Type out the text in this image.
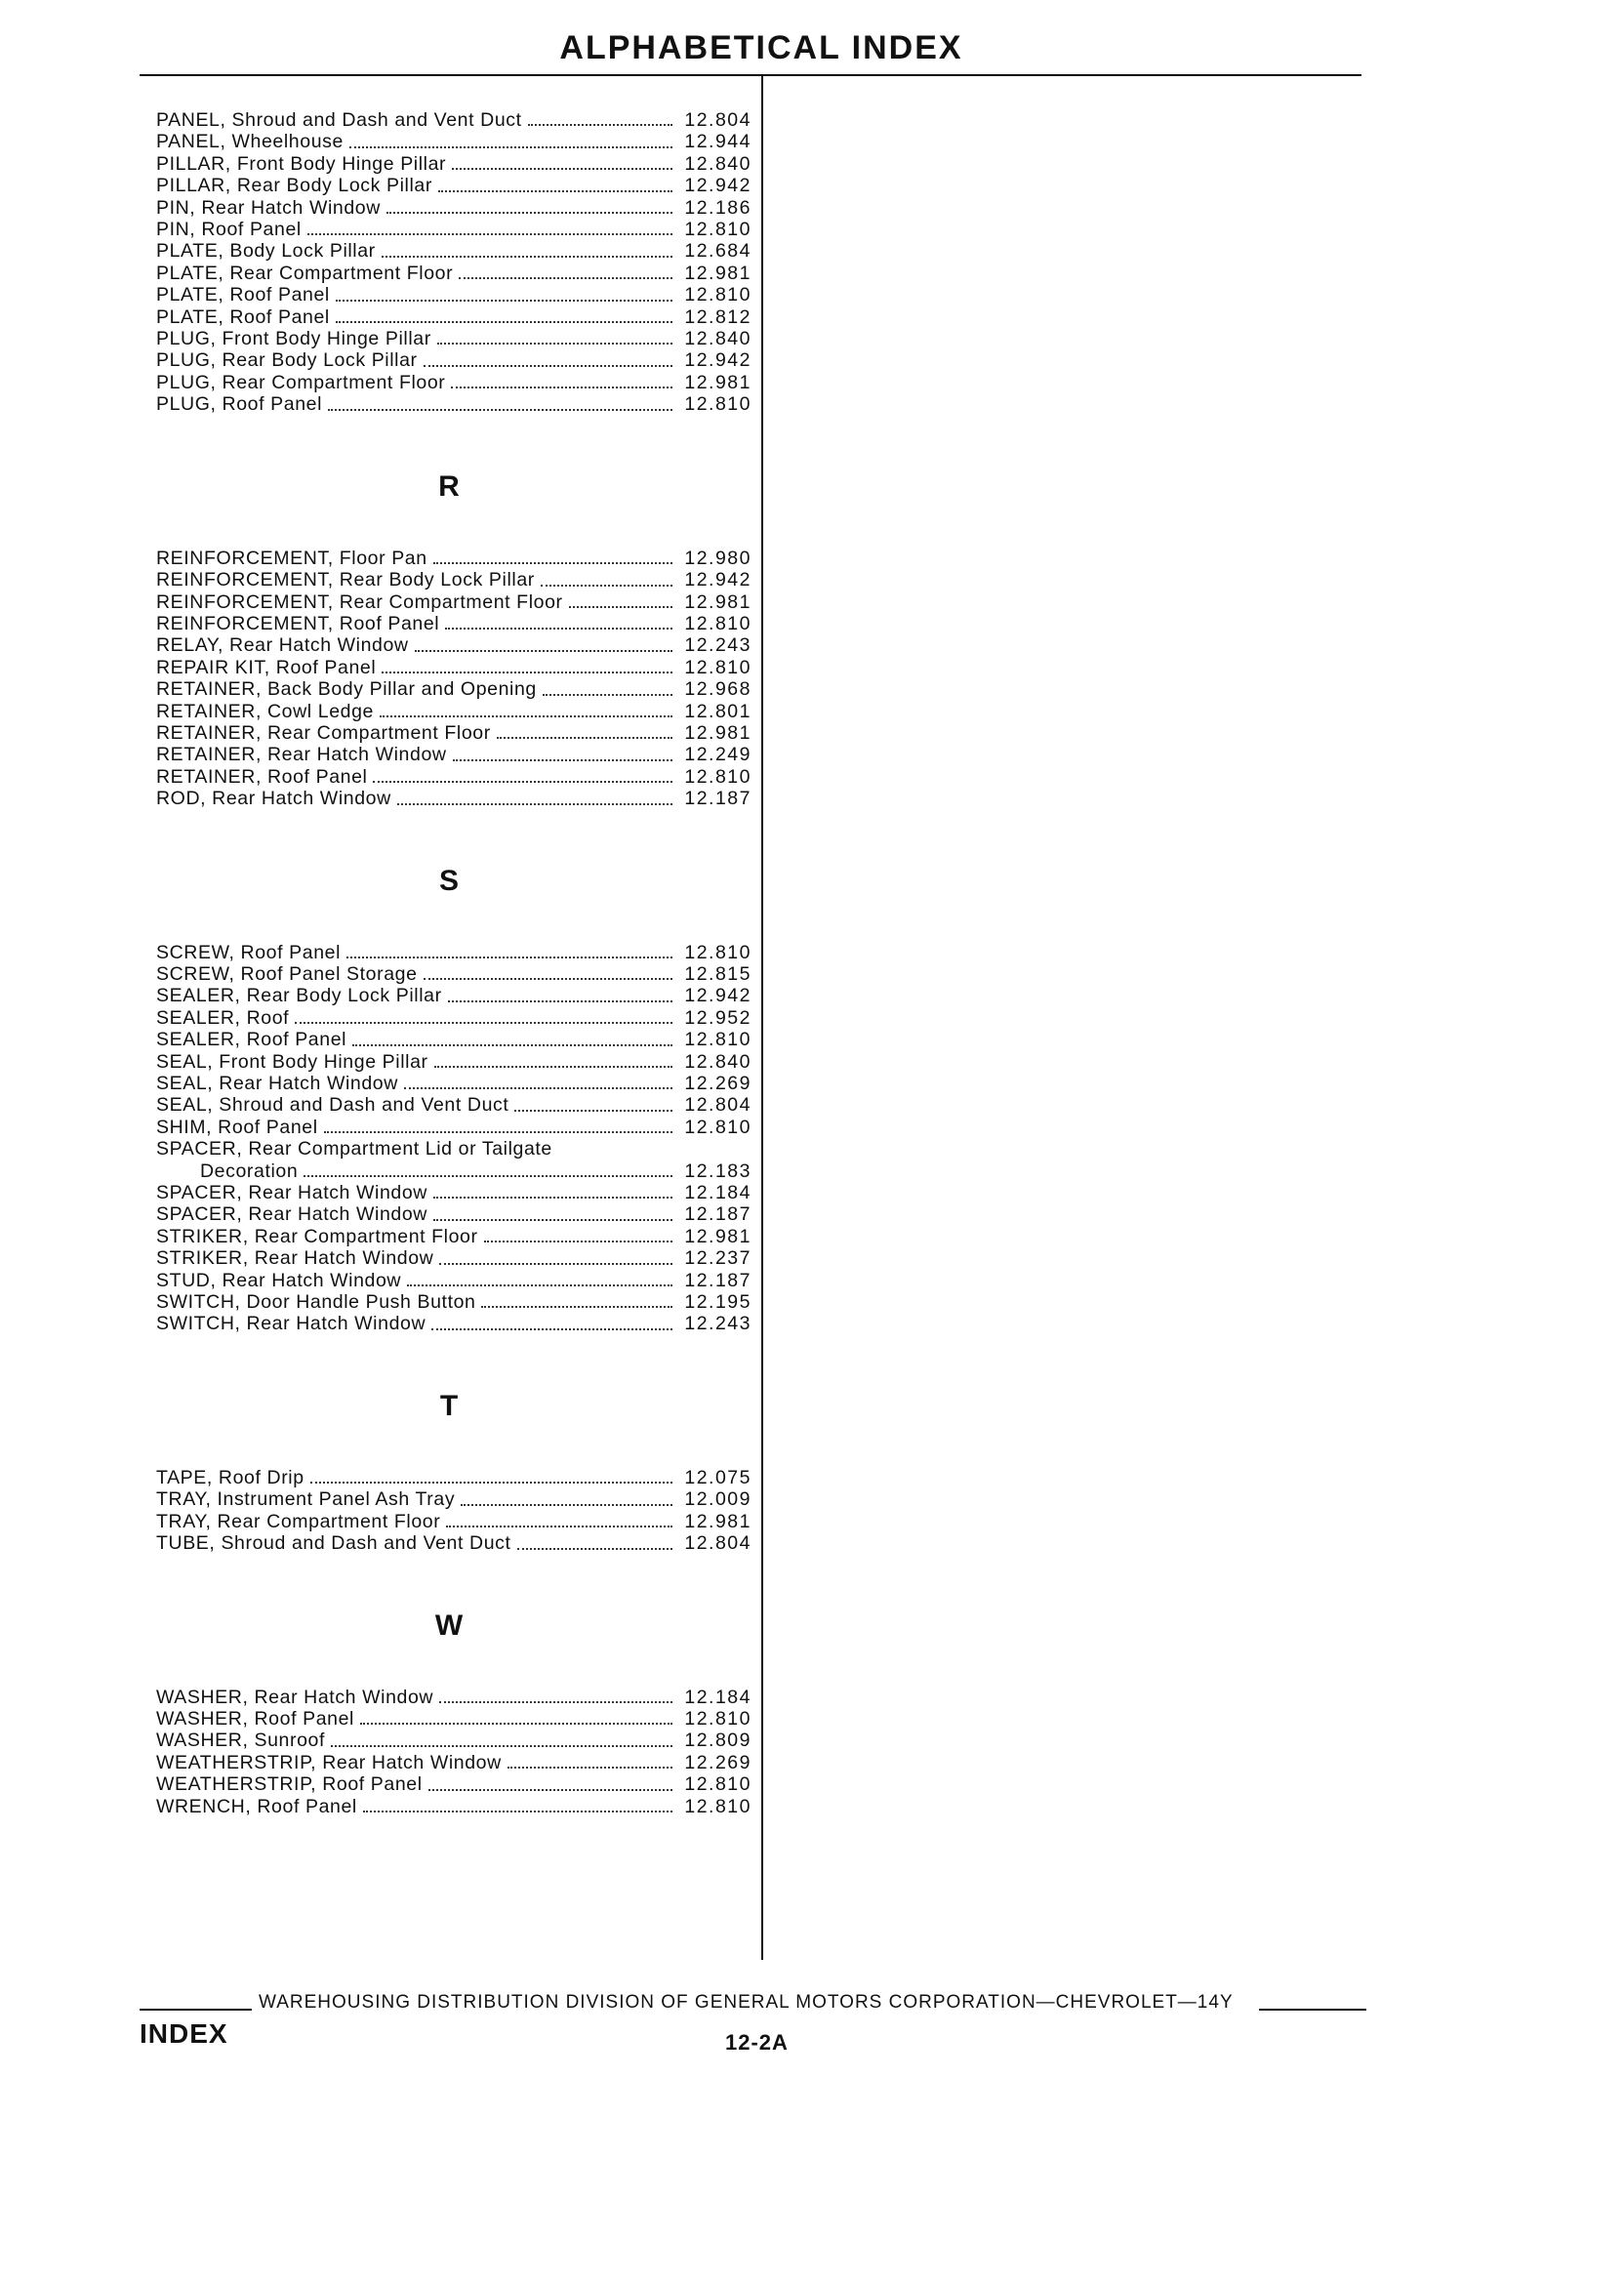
ALPHABETICAL INDEX
PANEL, Shroud and Dash and Vent Duct	12.804
PANEL, Wheelhouse	12.944
PILLAR, Front Body Hinge Pillar	12.840
PILLAR, Rear Body Lock Pillar	12.942
PIN, Rear Hatch Window	12.186
PIN, Roof Panel	12.810
PLATE, Body Lock Pillar	12.684
PLATE, Rear Compartment Floor	12.981
PLATE, Roof Panel	12.810
PLATE, Roof Panel	12.812
PLUG, Front Body Hinge Pillar	12.840
PLUG, Rear Body Lock Pillar	12.942
PLUG, Rear Compartment Floor	12.981
PLUG, Roof Panel	12.810
R
REINFORCEMENT, Floor Pan	12.980
REINFORCEMENT, Rear Body Lock Pillar	12.942
REINFORCEMENT, Rear Compartment Floor	12.981
REINFORCEMENT, Roof Panel	12.810
RELAY, Rear Hatch Window	12.243
REPAIR KIT, Roof Panel	12.810
RETAINER, Back Body Pillar and Opening	12.968
RETAINER, Cowl Ledge	12.801
RETAINER, Rear Compartment Floor	12.981
RETAINER, Rear Hatch Window	12.249
RETAINER, Roof Panel	12.810
ROD, Rear Hatch Window	12.187
S
SCREW, Roof Panel	12.810
SCREW, Roof Panel Storage	12.815
SEALER, Rear Body Lock Pillar	12.942
SEALER, Roof	12.952
SEALER, Roof Panel	12.810
SEAL, Front Body Hinge Pillar	12.840
SEAL, Rear Hatch Window	12.269
SEAL, Shroud and Dash and Vent Duct	12.804
SHIM, Roof Panel	12.810
SPACER, Rear Compartment Lid or Tailgate
Decoration	12.183
SPACER, Rear Hatch Window	12.184
SPACER, Rear Hatch Window	12.187
STRIKER, Rear Compartment Floor	12.981
STRIKER, Rear Hatch Window	12.237
STUD, Rear Hatch Window	12.187
SWITCH, Door Handle Push Button	12.195
SWITCH, Rear Hatch Window	12.243
T
TAPE, Roof Drip	12.075
TRAY, Instrument Panel Ash Tray	12.009
TRAY, Rear Compartment Floor	12.981
TUBE, Shroud and Dash and Vent Duct	12.804
W
WASHER, Rear Hatch Window	12.184
WASHER, Roof Panel	12.810
WASHER, Sunroof	12.809
WEATHERSTRIP, Rear Hatch Window	12.269
WEATHERSTRIP, Roof Panel	12.810
WRENCH, Roof Panel	12.810
WAREHOUSING DISTRIBUTION DIVISION OF GENERAL MOTORS CORPORATION—CHEVROLET—14Y
INDEX	12-2A
